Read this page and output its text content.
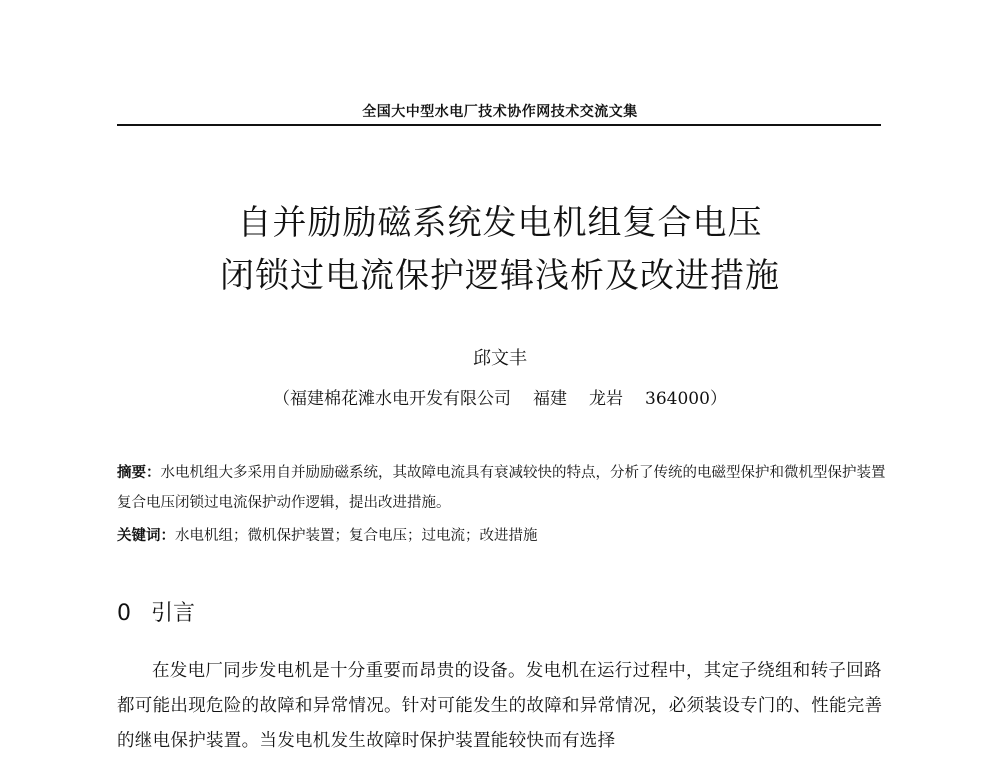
全国大中型水电厂技术协作网技术交流文集
自并励励磁系统发电机组复合电压
闭锁过电流保护逻辑浅析及改进措施
邱文丰
（福建棉花滩水电开发有限公司 福建 龙岩 364000）
摘要：水电机组大多采用自并励励磁系统，其故障电流具有衰减较快的特点，分析了传统的电磁型保护和微机型保护装置复合电压闭锁过电流保护动作逻辑，提出改进措施。
关键词：水电机组；微机保护装置；复合电压；过电流；改进措施
0 引言
在发电厂同步发电机是十分重要而昂贵的设备。发电机在运行过程中，其定子绕组和转子回路都可能出现危险的故障和异常情况。针对可能发生的故障和异常情况，必须装设专门的、性能完善的继电保护装置。当发电机发生故障时保护装置能较快而有选择
